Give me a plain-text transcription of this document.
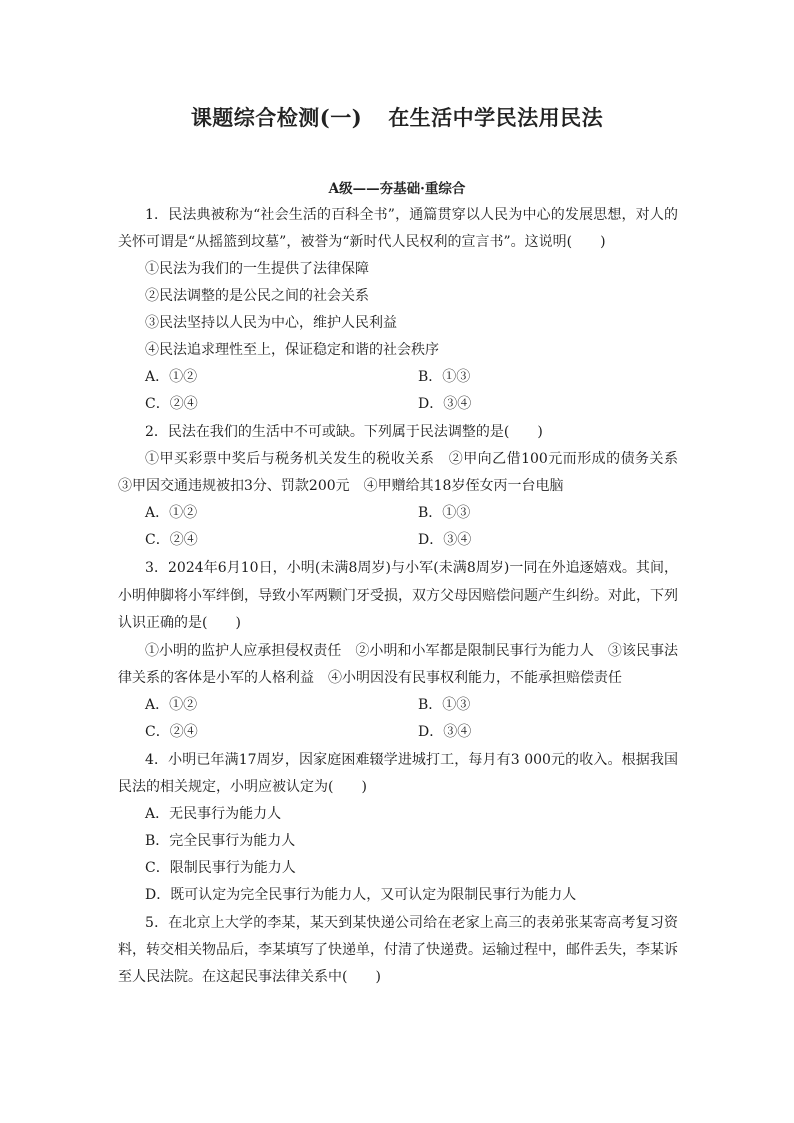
课题综合检测(一) 在生活中学民法用民法
A级——夯基础·重综合
1．民法典被称为“社会生活的百科全书”，通篇贯穿以人民为中心的发展思想，对人的
关怀可谓是“从摇篮到坟墓”，被誉为“新时代人民权利的宣言书”。这说明(　　)
①民法为我们的一生提供了法律保障
②民法调整的是公民之间的社会关系
③民法坚持以人民为中心，维护人民利益
④民法追求理性至上，保证稳定和谐的社会秩序
A．①②	B．①③
C．②④	D．③④
2．民法在我们的生活中不可或缺。下列属于民法调整的是(　　)
①甲买彩票中奖后与税务机关发生的税收关系　②甲向乙借100元而形成的债务关系
③甲因交通违规被扣3分、罚款200元　④甲赠给其18岁侄女丙一台电脑
A．①②	B．①③
C．②④	D．③④
3．2024年6月10日，小明(未满8周岁)与小军(未满8周岁)一同在外追逐嬉戏。其间，
小明伸脚将小军绊倒，导致小军两颗门牙受损，双方父母因赔偿问题产生纠纷。对此，下列
认识正确的是(　　)
①小明的监护人应承担侵权责任　②小明和小军都是限制民事行为能力人　③该民事法
律关系的客体是小军的人格利益　④小明因没有民事权利能力，不能承担赔偿责任
A．①②	B．①③
C．②④	D．③④
4．小明已年满17周岁，因家庭困难辍学进城打工，每月有3 000元的收入。根据我国
民法的相关规定，小明应被认定为(　　)
A．无民事行为能力人
B．完全民事行为能力人
C．限制民事行为能力人
D．既可认定为完全民事行为能力人，又可认定为限制民事行为能力人
5．在北京上大学的李某，某天到某快递公司给在老家上高三的表弟张某寄高考复习资
料，转交相关物品后，李某填写了快递单，付清了快递费。运输过程中，邮件丢失，李某诉
至人民法院。在这起民事法律关系中(　　)
